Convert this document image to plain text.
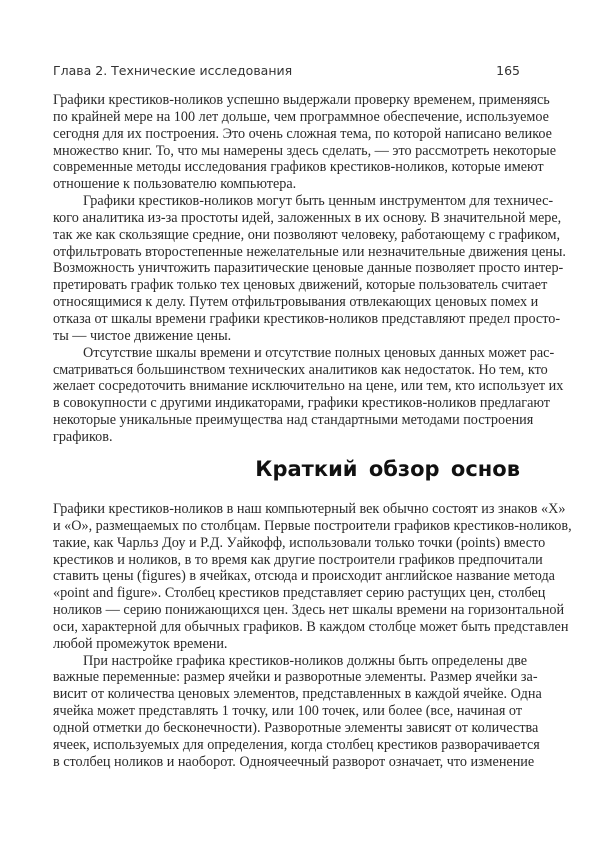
Глава 2. Технические исследования	165
Графики крестиков-ноликов успешно выдержали проверку временем, применяясь
по крайней мере на 100 лет дольше, чем программное обеспечение, используемое
сегодня для их построения. Это очень сложная тема, по которой написано великое
множество книг. То, что мы намерены здесь сделать, — это рассмотреть некоторые
современные методы исследования графиков крестиков-ноликов, которые имеют
отношение к пользователю компьютера.
Графики крестиков-ноликов могут быть ценным инструментом для техничес-
кого аналитика из-за простоты идей, заложенных в их основу. В значительной мере,
так же как скользящие средние, они позволяют человеку, работающему с графиком,
отфильтровать второстепенные нежелательные или незначительные движения цены.
Возможность уничтожить паразитические ценовые данные позволяет просто интер-
претировать график только тех ценовых движений, которые пользователь считает
относящимися к делу. Путем отфильтровывания отвлекающих ценовых помех и
отказа от шкалы времени графики крестиков-ноликов представляют предел просто-
ты — чистое движение цены.
Отсутствие шкалы времени и отсутствие полных ценовых данных может рас-
сматриваться большинством технических аналитиков как недостаток. Но тем, кто
желает сосредоточить внимание исключительно на цене, или тем, кто использует их
в совокупности с другими индикаторами, графики крестиков-ноликов предлагают
некоторые уникальные преимущества над стандартными методами построения
графиков.
Краткий обзор основ
Графики крестиков-ноликов в наш компьютерный век обычно состоят из знаков «Х»
и «О», размещаемых по столбцам. Первые построители графиков крестиков-ноликов,
такие, как Чарльз Доу и Р.Д. Уайкофф, использовали только точки (points) вместо
крестиков и ноликов, в то время как другие построители графиков предпочитали
ставить цены (figures) в ячейках, отсюда и происходит английское название метода
«point and figure». Столбец крестиков представляет серию растущих цен, столбец
ноликов — серию понижающихся цен. Здесь нет шкалы времени на горизонтальной
оси, характерной для обычных графиков. В каждом столбце может быть представлен
любой промежуток времени.
При настройке графика крестиков-ноликов должны быть определены две
важные переменные: размер ячейки и разворотные элементы. Размер ячейки за-
висит от количества ценовых элементов, представленных в каждой ячейке. Одна
ячейка может представлять 1 точку, или 100 точек, или более (все, начиная от
одной отметки до бесконечности). Разворотные элементы зависят от количества
ячеек, используемых для определения, когда столбец крестиков разворачивается
в столбец ноликов и наоборот. Одноячеечный разворот означает, что изменение
